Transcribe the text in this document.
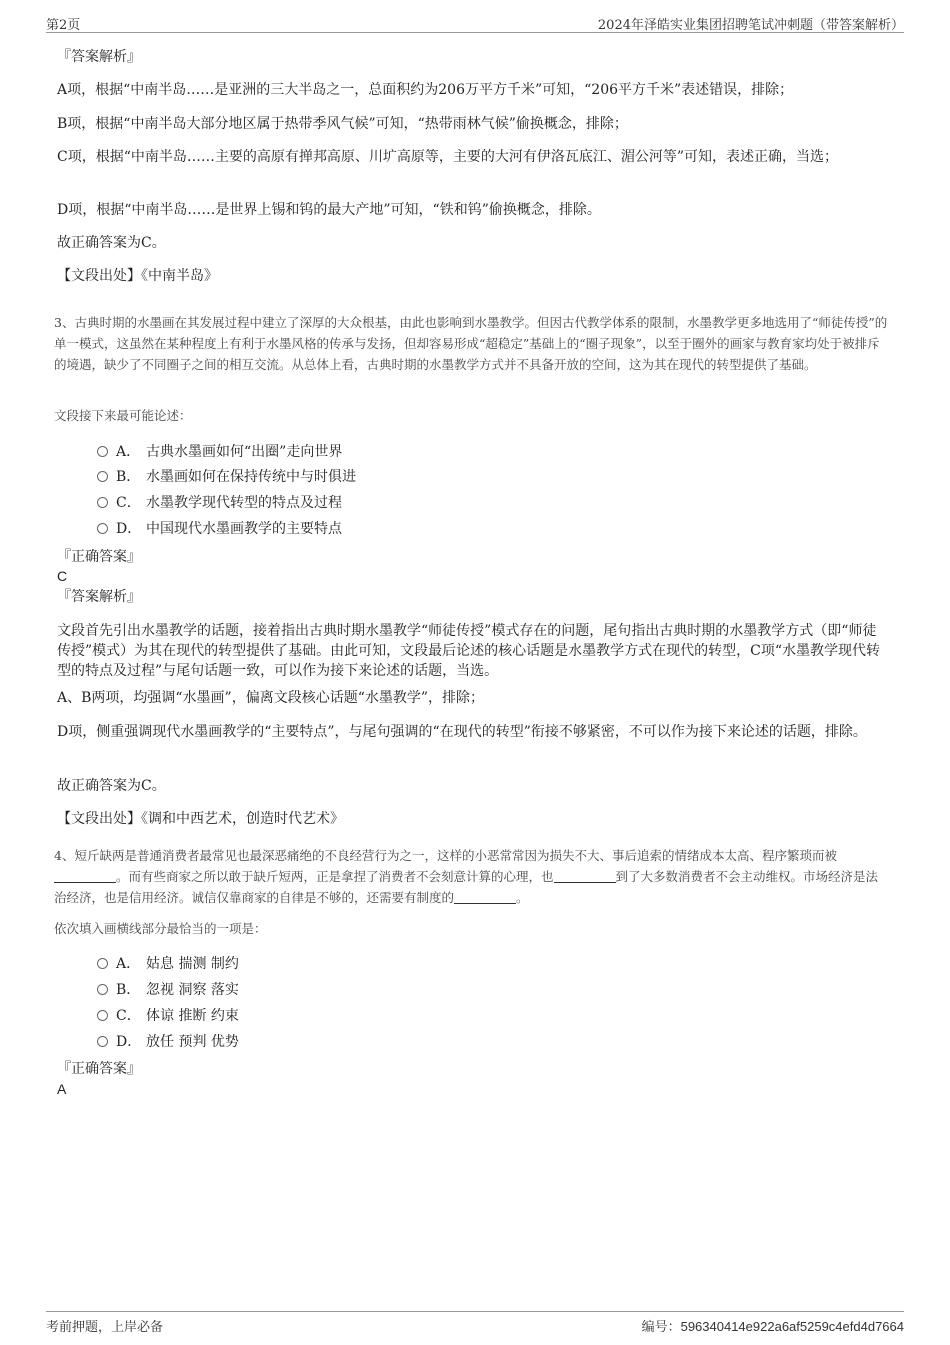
第2页	2024年泽皓实业集团招聘笔试冲刺题（带答案解析）
『答案解析』
A项，根据“中南半岛……是亚洲的三大半岛之一，总面积约为206万平方千米”可知，“206平方千米”表述错误，排除；
B项，根据“中南半岛大部分地区属于热带季风气候”可知，“热带雨林气候”偷换概念，排除；
C项，根据“中南半岛……主要的高原有掸邦高原、川圹高原等，主要的大河有伊洛瓦底江、湄公河等”可知，表述正确，当选；
D项，根据“中南半岛……是世界上锡和钨的最大产地”可知，“铁和钨”偷换概念，排除。
故正确答案为C。
【文段出处】《中南半岛》
3、古典时期的水墨画在其发展过程中建立了深厚的大众根基，由此也影响到水墨教学。但因古代教学体系的限制，水墨教学更多地选用了“师徒传授”的单一模式，这虽然在某种程度上有利于水墨风格的传承与发扬，但却容易形成“超稳定”基础上的“圈子现象”，以至于圈外的画家与教育家均处于被排斥的境遇，缺少了不同圈子之间的相互交流。从总体上看，古典时期的水墨教学方式并不具备开放的空间，这为其在现代的转型提供了基础。
文段接下来最可能论述：
A． 古典水墨画如何“出圈”走向世界
B． 水墨画如何在保持传统中与时俱进
C． 水墨教学现代转型的特点及过程
D． 中国现代水墨画教学的主要特点
『正确答案』
C
『答案解析』
文段首先引出水墨教学的话题，接着指出古典时期水墨教学“师徒传授”模式存在的问题，尾句指出古典时期的水墨教学方式（即“师徒传授”模式）为其在现代的转型提供了基础。由此可知，文段最后论述的核心话题是水墨教学方式在现代的转型，C项“水墨教学现代转型的特点及过程”与尾句话题一致，可以作为接下来论述的话题，当选。
A、B两项，均强调“水墨画”，偏离文段核心话题“水墨教学”，排除；
D项，侧重强调现代水墨画教学的“主要特点”，与尾句强调的“在现代的转型”衔接不够紧密，不可以作为接下来论述的话题，排除。
故正确答案为C。
【文段出处】《调和中西艺术，创造时代艺术》
4、短斤缺两是普通消费者最常见也最深恶痛绝的不良经营行为之一，这样的小恶常常因为损失不大、事后追索的情绪成本太高、程序繁琐而被。而有些商家之所以敢于缺斤短两，正是拿捏了消费者不会刻意计算的心理，也	到了大多数消费者不会主动维权。市场经济是法治经济，也是信用经济。诚信仅靠商家的自律是不够的，还需要有制度的	。
依次填入画横线部分最恰当的一项是：
A． 姑息 揣测 制约
B． 忽视 洞察 落实
C． 体谅 推断 约束
D． 放任 预判 优势
『正确答案』
A
考前押题，上岸必备	编号：596340414e922a6af5259c4efd4d7664
